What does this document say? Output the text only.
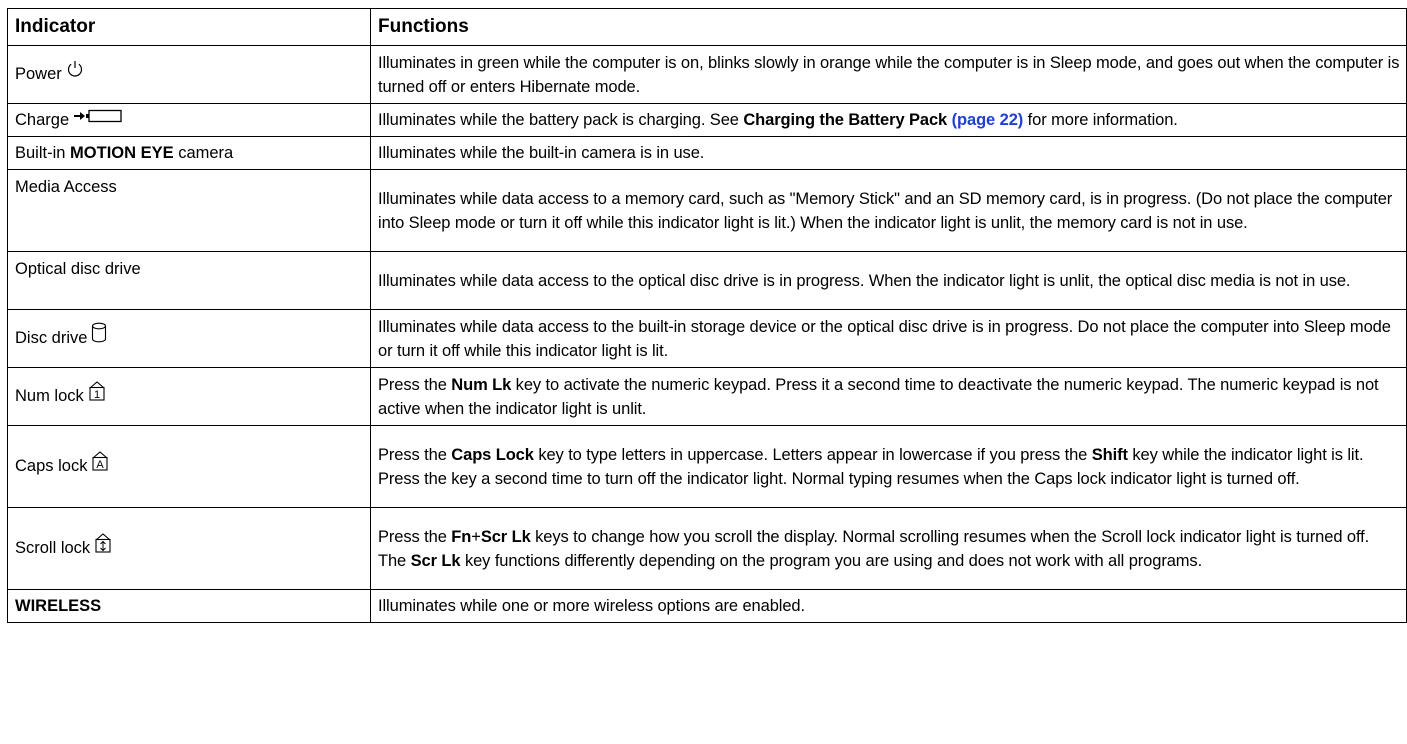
Indicator	Functions
Power	Illuminates in green while the computer is on, blinks slowly in orange while the computer is in Sleep mode, and goes out when the computer is turned off or enters Hibernate mode.
Charge	Illuminates while the battery pack is charging. See Charging the Battery Pack (page 22) for more information.
Built-in MOTION EYE camera	Illuminates while the built-in camera is in use.
Media Access	Illuminates while data access to a memory card, such as "Memory Stick" and an SD memory card, is in progress. (Do not place the computer into Sleep mode or turn it off while this indicator light is lit.) When the indicator light is unlit, the memory card is not in use.
Optical disc drive	Illuminates while data access to the optical disc drive is in progress. When the indicator light is unlit, the optical disc media is not in use.
Disc drive	Illuminates while data access to the built-in storage device or the optical disc drive is in progress. Do not place the computer into Sleep mode or turn it off while this indicator light is lit.
Num lock 1	Press the Num Lk key to activate the numeric keypad. Press it a second time to deactivate the numeric keypad. The numeric keypad is not active when the indicator light is unlit.
Caps lock A	Press the Caps Lock key to type letters in uppercase. Letters appear in lowercase if you press the Shift key while the indicator light is lit. Press the key a second time to turn off the indicator light. Normal typing resumes when the Caps lock indicator light is turned off.
Scroll lock	Press the Fn+Scr Lk keys to change how you scroll the display. Normal scrolling resumes when the Scroll lock indicator light is turned off. The Scr Lk key functions differently depending on the program you are using and does not work with all programs.
WIRELESS	Illuminates while one or more wireless options are enabled.
